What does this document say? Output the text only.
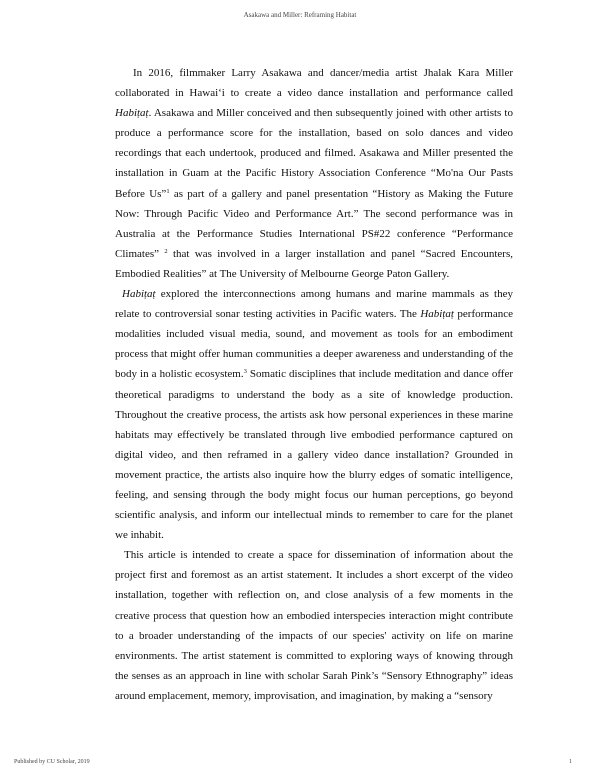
Asakawa and Miller: Reframing Habitat

In 2016, filmmaker Larry Asakawa and dancer/media artist Jhalak Kara Miller collaborated in Hawai‘i to create a video dance installation and performance called Habiṭaṭ. Asakawa and Miller conceived and then subsequently joined with other artists to produce a performance score for the installation, based on solo dances and video recordings that each undertook, produced and filmed. Asakawa and Miller presented the installation in Guam at the Pacific History Association Conference “Mo'na Our Pasts Before Us”$^1$ as part of a gallery and panel presentation “History as Making the Future Now: Through Pacific Video and Performance Art.” The second performance was in Australia at the Performance Studies International PS#22 conference “Performance Climates” $^2$ that was involved in a larger installation and panel “Sacred Encounters, Embodied Realities” at The University of Melbourne George Paton Gallery.

Habiṭaṭ explored the interconnections among humans and marine mammals as they relate to controversial sonar testing activities in Pacific waters. The Habiṭaṭ performance modalities included visual media, sound, and movement as tools for an embodiment process that might offer human communities a deeper awareness and understanding of the body in a holistic ecosystem.$^3$ Somatic disciplines that include meditation and dance offer theoretical paradigms to understand the body as a site of knowledge production. Throughout the creative process, the artists ask how personal experiences in these marine habitats may effectively be translated through live embodied performance captured on digital video, and then reframed in a gallery video dance installation? Grounded in movement practice, the artists also inquire how the blurry edges of somatic intelligence, feeling, and sensing through the body might focus our human perceptions, go beyond scientific analysis, and inform our intellectual minds to remember to care for the planet we inhabit.

This article is intended to create a space for dissemination of information about the project first and foremost as an artist statement. It includes a short excerpt of the video installation, together with reflection on, and close analysis of a few moments in the creative process that question how an embodied interspecies interaction might contribute to a broader understanding of the impacts of our species' activity on life on marine environments. The artist statement is committed to exploring ways of knowing through the senses as an approach in line with scholar Sarah Pink’s “Sensory Ethnography” ideas around emplacement, memory, improvisation, and imagination, by making a “sensory

Published by CU Scholar, 2019	1
